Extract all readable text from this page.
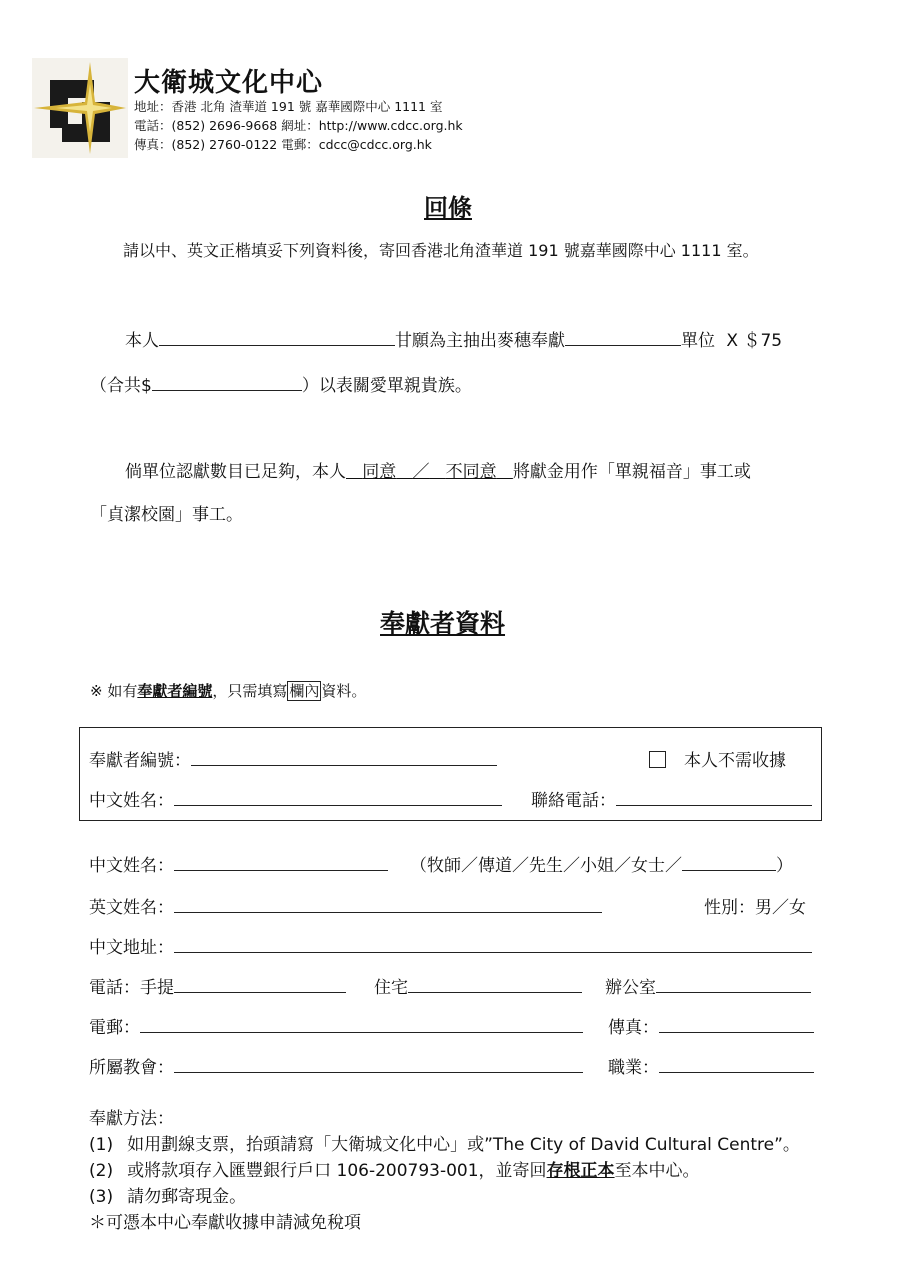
大衛城文化中心
地址：香港 北角 渣華道 191 號 嘉華國際中心 1111 室
電話：(852) 2696-9668 網址：http://www.cdcc.org.hk
傳真：(852) 2760-0122 電郵：cdcc@cdcc.org.hk
回條
請以中、英文正楷填妥下列資料後，寄回香港北角渣華道 191 號嘉華國際中心 1111 室。
本人	甘願為主抽出麥穗奉獻	單位 X ＄75
（合共$	）以表關愛單親貴族。
倘單位認獻數目已足夠，本人 同意 ／ 不同意 將獻金用作「單親福音」事工或
「貞潔校園」事工。
奉獻者資料
※ 如有奉獻者編號，只需填寫 欄內 資料。
奉獻者編號：	本人不需收據
中文姓名：	聯絡電話：
中文姓名：	（牧師／傳道／先生／小姐／女士／	）
英文姓名：	性別：男／女
中文地址：
電話：手提	住宅	辦公室
電郵：	傳真：
所屬教會：	職業：
奉獻方法：
(1) 如用劃線支票，抬頭請寫「大衛城文化中心」或”The City of David Cultural Centre”。
(2) 或將款項存入匯豐銀行戶口 106-200793-001，並寄回存根正本至本中心。
(3) 請勿郵寄現金。
＊可憑本中心奉獻收據申請減免稅項
